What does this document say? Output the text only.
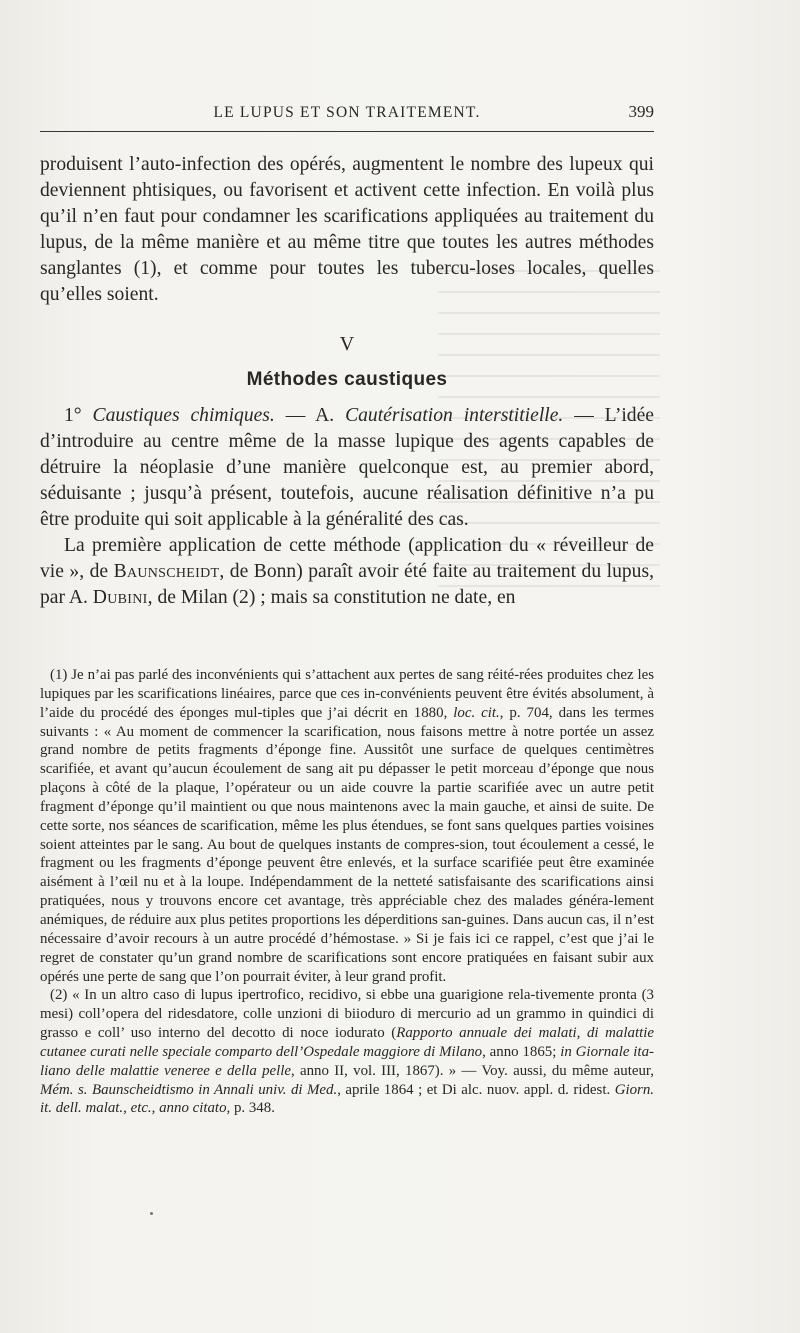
LE LUPUS ET SON TRAITEMENT.	399

produisent l’auto-infection des opérés, augmentent le nombre des lupeux qui deviennent phtisiques, ou favorisent et activent cette infection. En voilà plus qu’il n’en faut pour condamner les scarifications appliquées au traitement du lupus, de la même manière et au même titre que toutes les autres méthodes sanglantes (1), et comme pour toutes les tubercu-loses locales, quelles qu’elles soient.

V

Méthodes caustiques

1° Caustiques chimiques. — A. Cautérisation interstitielle. — L’idée d’introduire au centre même de la masse lupique des agents capables de détruire la néoplasie d’une manière quelconque est, au premier abord, séduisante ; jusqu’à présent, toutefois, aucune réalisation définitive n’a pu être produite qui soit applicable à la généralité des cas.

La première application de cette méthode (application du « réveilleur de vie », de Baunscheidt, de Bonn) paraît avoir été faite au traitement du lupus, par A. Dubini, de Milan (2) ; mais sa constitution ne date, en

(1) Je n’ai pas parlé des inconvénients qui s’attachent aux pertes de sang réité-rées produites chez les lupiques par les scarifications linéaires, parce que ces in-convénients peuvent être évités absolument, à l’aide du procédé des éponges mul-tiples que j’ai décrit en 1880, loc. cit., p. 704, dans les termes suivants : « Au moment de commencer la scarification, nous faisons mettre à notre portée un assez grand nombre de petits fragments d’éponge fine. Aussitôt une surface de quelques centimètres scarifiée, et avant qu’aucun écoulement de sang ait pu dépasser le petit morceau d’éponge que nous plaçons à côté de la plaque, l’opérateur ou un aide couvre la partie scarifiée avec un autre petit fragment d’éponge qu’il maintient ou que nous maintenons avec la main gauche, et ainsi de suite. De cette sorte, nos séances de scarification, même les plus étendues, se font sans quelques parties voisines soient atteintes par le sang. Au bout de quelques instants de compres-sion, tout écoulement a cessé, le fragment ou les fragments d’éponge peuvent être enlevés, et la surface scarifiée peut être examinée aisément à l’œil nu et à la loupe. Indépendamment de la netteté satisfaisante des scarifications ainsi pratiquées, nous y trouvons encore cet avantage, très appréciable chez des malades généra-lement anémiques, de réduire aux plus petites proportions les déperditions san-guines. Dans aucun cas, il n’est nécessaire d’avoir recours à un autre procédé d’hémostase. » Si je fais ici ce rappel, c’est que j’ai le regret de constater qu’un grand nombre de scarifications sont encore pratiquées en faisant subir aux opérés une perte de sang que l’on pourrait éviter, à leur grand profit.

(2) « In un altro caso di lupus ipertrofico, recidivo, si ebbe una guarigione rela-tivemente pronta (3 mesi) coll’opera del ridesdatore, colle unzioni di biioduro di mercurio ad un grammo in quindici di grasso e coll’ uso interno del decotto di noce iodurato (Rapporto annuale dei malati, di malattie cutanee curati nelle speciale comparto dell’Ospedale maggiore di Milano, anno 1865; in Giornale ita-liano delle malattie veneree e della pelle, anno II, vol. III, 1867). » — Voy. aussi, du même auteur, Mém. s. Baunscheidtismo in Annali univ. di Med., aprile 1864 ; et Di alc. nuov. appl. d. ridest. Giorn. it. dell. malat., etc., anno citato, p. 348.
